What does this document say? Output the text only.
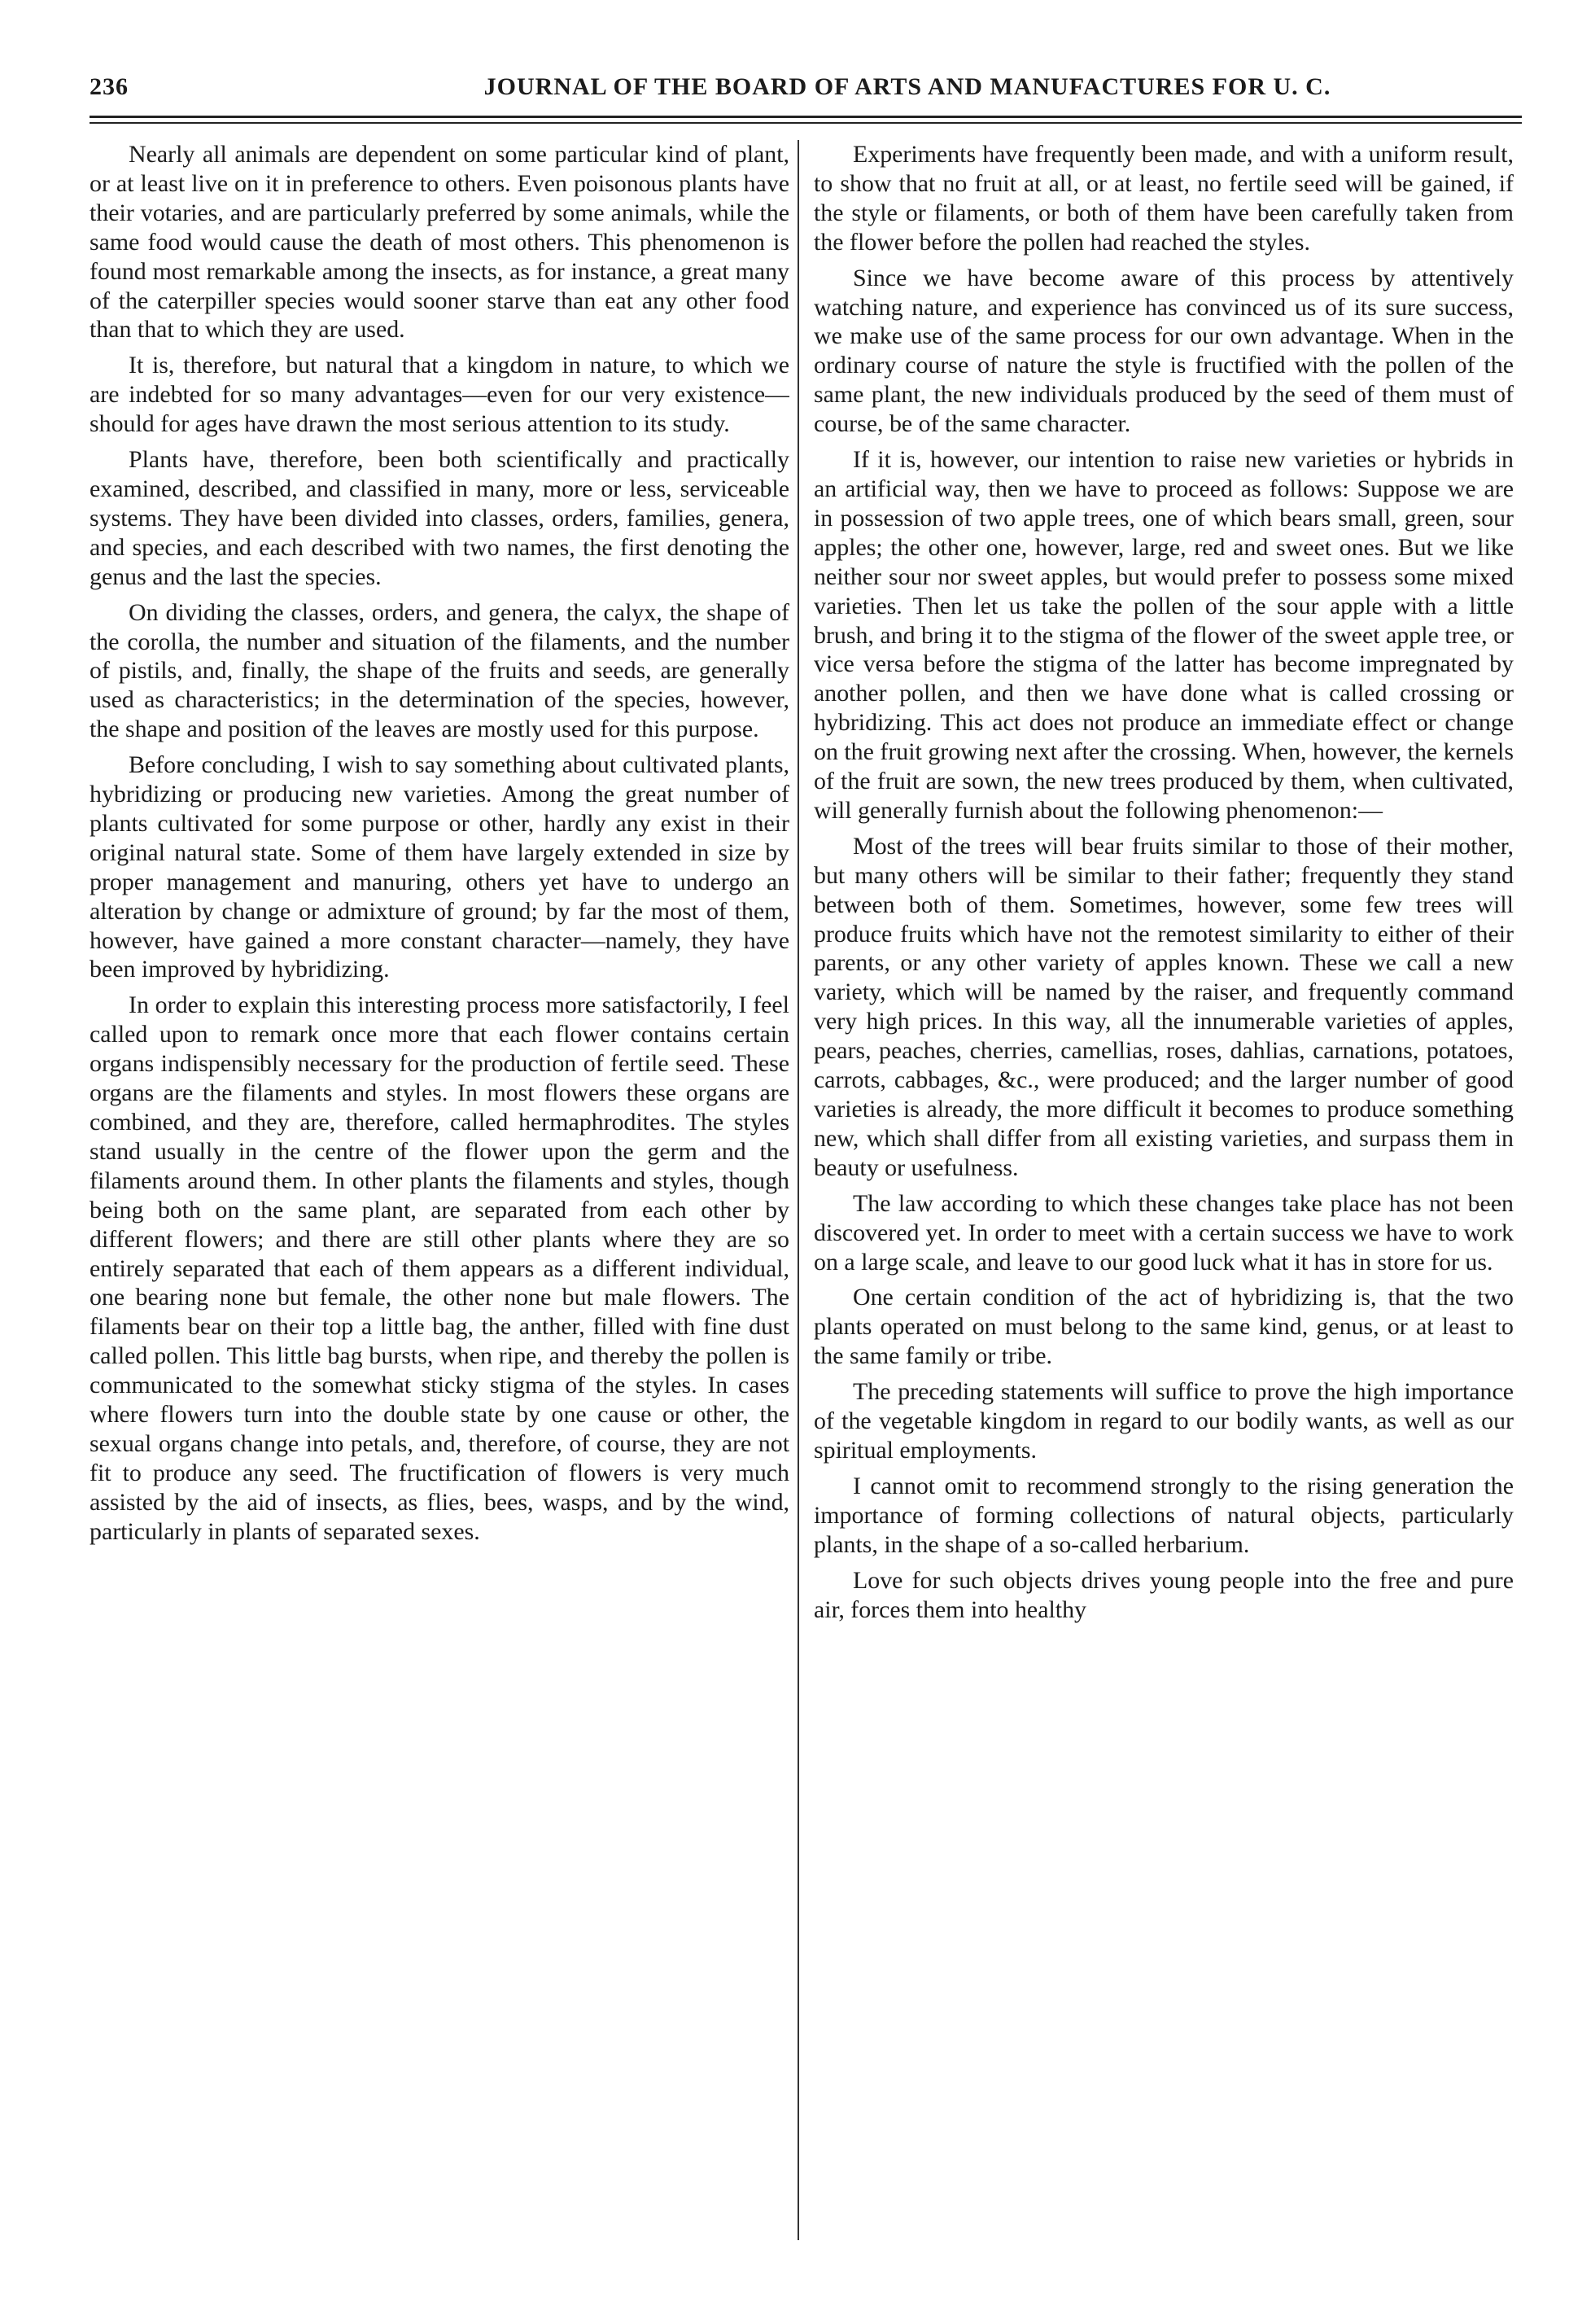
236	JOURNAL OF THE BOARD OF ARTS AND MANUFACTURES FOR U. C.

Nearly all animals are dependent on some particular kind of plant, or at least live on it in preference to others. Even poisonous plants have their votaries, and are particularly preferred by some animals, while the same food would cause the death of most others. This phenomenon is found most remarkable among the insects, as for instance, a great many of the caterpiller species would sooner starve than eat any other food than that to which they are used.

It is, therefore, but natural that a kingdom in nature, to which we are indebted for so many advantages—even for our very existence—should for ages have drawn the most serious attention to its study.

Plants have, therefore, been both scientifically and practically examined, described, and classified in many, more or less, serviceable systems. They have been divided into classes, orders, families, genera, and species, and each described with two names, the first denoting the genus and the last the species.

On dividing the classes, orders, and genera, the calyx, the shape of the corolla, the number and situation of the filaments, and the number of pistils, and, finally, the shape of the fruits and seeds, are generally used as characteristics; in the determination of the species, however, the shape and position of the leaves are mostly used for this purpose.

Before concluding, I wish to say something about cultivated plants, hybridizing or producing new varieties. Among the great number of plants cultivated for some purpose or other, hardly any exist in their original natural state. Some of them have largely extended in size by proper management and manuring, others yet have to undergo an alteration by change or admixture of ground; by far the most of them, however, have gained a more constant character—namely, they have been improved by hybridizing.

In order to explain this interesting process more satisfactorily, I feel called upon to remark once more that each flower contains certain organs indispensibly necessary for the production of fertile seed. These organs are the filaments and styles. In most flowers these organs are combined, and they are, therefore, called hermaphrodites. The styles stand usually in the centre of the flower upon the germ and the filaments around them. In other plants the filaments and styles, though being both on the same plant, are separated from each other by different flowers; and there are still other plants where they are so entirely separated that each of them appears as a different individual, one bearing none but female, the other none but male flowers. The filaments bear on their top a little bag, the anther, filled with fine dust called pollen. This little bag bursts, when ripe, and thereby the pollen is communicated to the somewhat sticky stigma of the styles. In cases where flowers turn into the double state by one cause or other, the sexual organs change into petals, and, therefore, of course, they are not fit to produce any seed. The fructification of flowers is very much assisted by the aid of insects, as flies, bees, wasps, and by the wind, particularly in plants of separated sexes.

Experiments have frequently been made, and with a uniform result, to show that no fruit at all, or at least, no fertile seed will be gained, if the style or filaments, or both of them have been carefully taken from the flower before the pollen had reached the styles.

Since we have become aware of this process by attentively watching nature, and experience has convinced us of its sure success, we make use of the same process for our own advantage. When in the ordinary course of nature the style is fructified with the pollen of the same plant, the new individuals produced by the seed of them must of course, be of the same character.

If it is, however, our intention to raise new varieties or hybrids in an artificial way, then we have to proceed as follows: Suppose we are in possession of two apple trees, one of which bears small, green, sour apples; the other one, however, large, red and sweet ones. But we like neither sour nor sweet apples, but would prefer to possess some mixed varieties. Then let us take the pollen of the sour apple with a little brush, and bring it to the stigma of the flower of the sweet apple tree, or vice versa before the stigma of the latter has become impregnated by another pollen, and then we have done what is called crossing or hybridizing. This act does not produce an immediate effect or change on the fruit growing next after the crossing. When, however, the kernels of the fruit are sown, the new trees produced by them, when cultivated, will generally furnish about the following phenomenon:—

Most of the trees will bear fruits similar to those of their mother, but many others will be similar to their father; frequently they stand between both of them. Sometimes, however, some few trees will produce fruits which have not the remotest similarity to either of their parents, or any other variety of apples known. These we call a new variety, which will be named by the raiser, and frequently command very high prices. In this way, all the innumerable varieties of apples, pears, peaches, cherries, camellias, roses, dahlias, carnations, potatoes, carrots, cabbages, &c., were produced; and the larger number of good varieties is already, the more difficult it becomes to produce something new, which shall differ from all existing varieties, and surpass them in beauty or usefulness.

The law according to which these changes take place has not been discovered yet. In order to meet with a certain success we have to work on a large scale, and leave to our good luck what it has in store for us.

One certain condition of the act of hybridizing is, that the two plants operated on must belong to the same kind, genus, or at least to the same family or tribe.

The preceding statements will suffice to prove the high importance of the vegetable kingdom in regard to our bodily wants, as well as our spiritual employments.

I cannot omit to recommend strongly to the rising generation the importance of forming collections of natural objects, particularly plants, in the shape of a so-called herbarium.

Love for such objects drives young people into the free and pure air, forces them into healthy
